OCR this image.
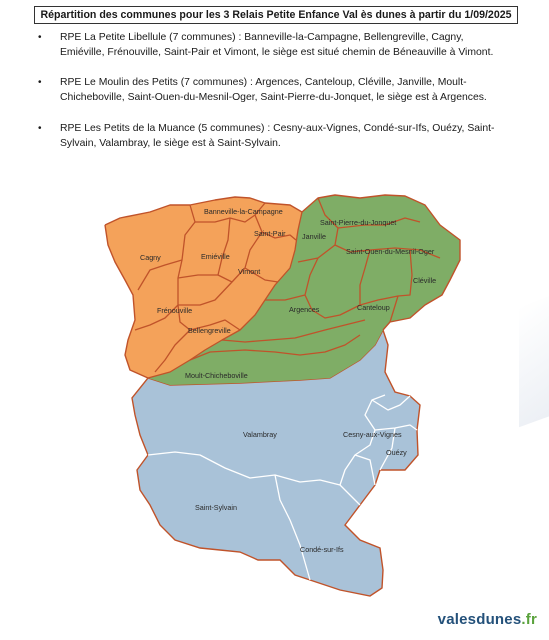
Répartition des communes pour les 3 Relais Petite Enfance Val ès dunes à partir du 1/09/2025
• RPE La Petite Libellule (7 communes) : Banneville-la-Campagne, Bellengreville, Cagny, Emiéville, Frénouville, Saint-Pair et Vimont, le siège est situé chemin de Béneauville à Vimont.
• RPE Le Moulin des Petits (7 communes) : Argences, Canteloup, Cléville, Janville, Moult-Chicheboville, Saint-Ouen-du-Mesnil-Oger, Saint-Pierre-du-Jonquet, le siège est à Argences.
• RPE Les Petits de la Muance (5 communes) : Cesny-aux-Vignes, Condé-sur-Ifs, Ouézy, Saint-Sylvain, Valambray, le siège est à Saint-Sylvain.
Banneville-la-Campagne
Saint-Pair
Cagny	Emiéville
Vimont
Frénouville
Bellengreville
Moult-Chicheboville
Janville
Saint-Pierre-du-Jonquet
Saint-Ouen-du-Mesnil-Oger
Cléville
Argences	Canteloup
Valambray	Cesny-aux-Vignes
Ouézy
Saint-Sylvain
Condé-sur-Ifs
valesdunes.fr
